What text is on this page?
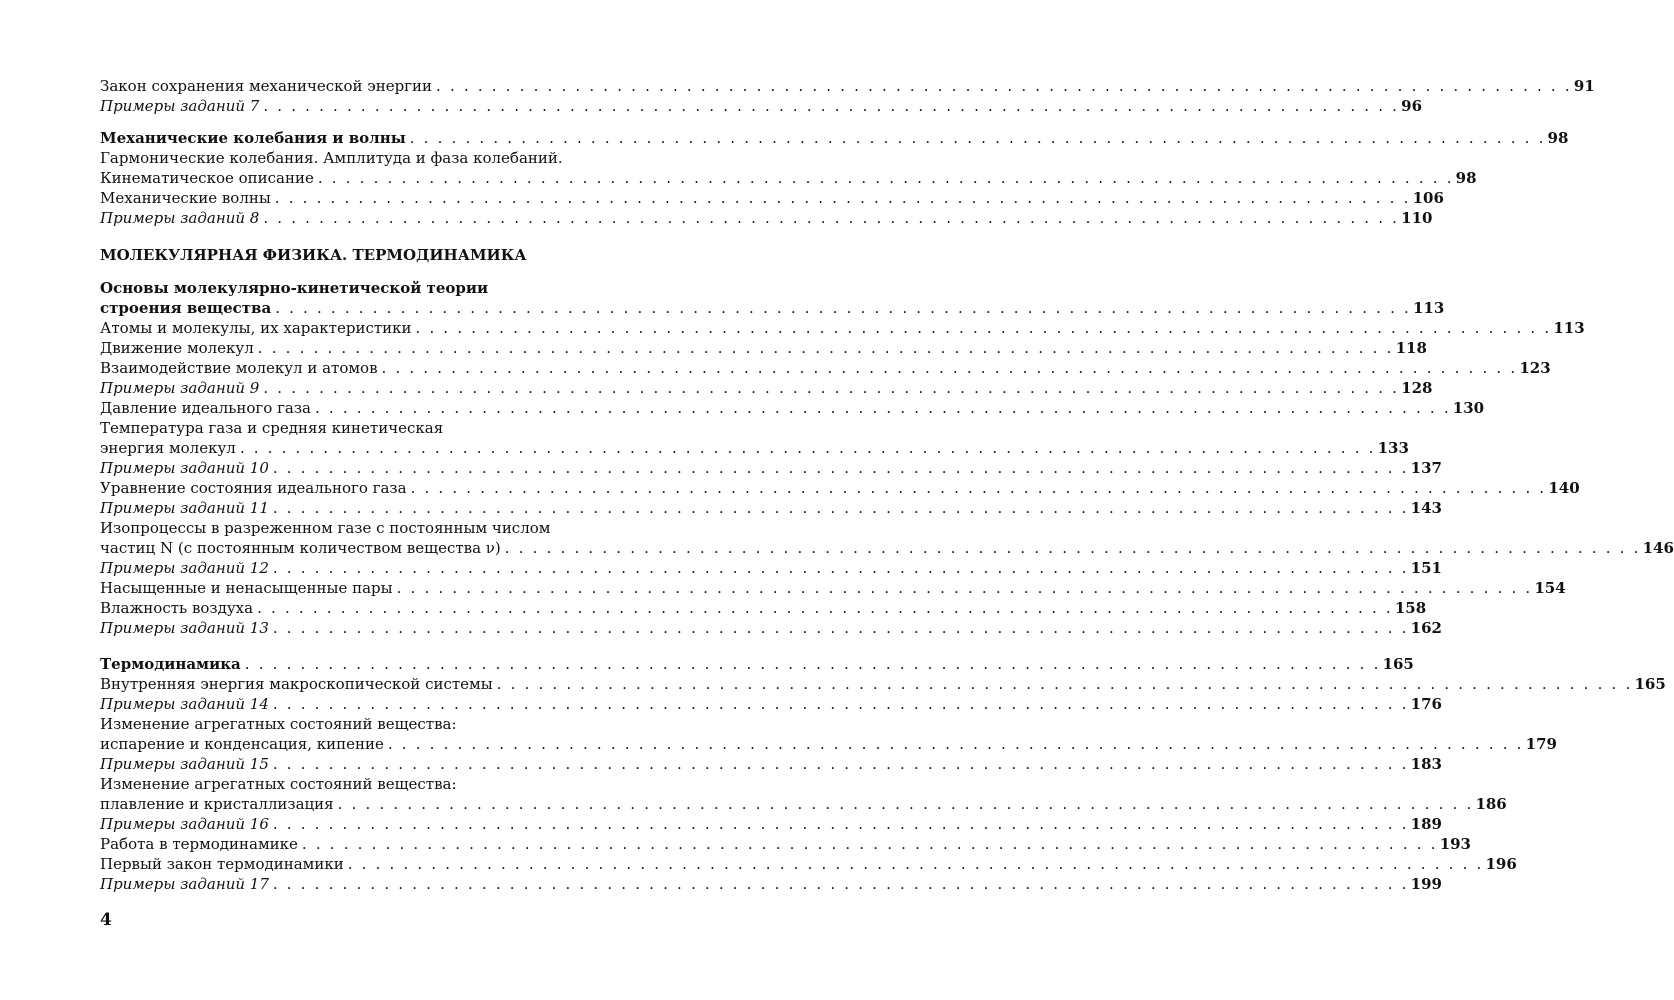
Закон сохранения механической энергии . . .	91
Примеры заданий 7 . . .	96
Механические колебания и волны . . .	98
Гармонические колебания. Амплитуда и фаза колебаний.
Кинематическое описание . . .	98
Механические волны . . .	106
Примеры заданий 8 . . .	110
МОЛЕКУЛЯРНАЯ ФИЗИКА. ТЕРМОДИНАМИКА
Основы молекулярно-кинетической теории
строения вещества . . .	113
Атомы и молекулы, их характеристики . . .	113
Движение молекул . . .	118
Взаимодействие молекул и атомов . . .	123
Примеры заданий 9 . . .	128
Давление идеального газа . . .	130
Температура газа и средняя кинетическая
энергия молекул . . .	133
Примеры заданий 10 . . .	137
Уравнение состояния идеального газа . . .	140
Примеры заданий 11 . . .	143
Изопроцессы в разреженном газе с постоянным числом
частиц N (с постоянным количеством вещества ν) . . .	146
Примеры заданий 12 . . .	151
Насыщенные и ненасыщенные пары . . .	154
Влажность воздуха . . .	158
Примеры заданий 13 . . .	162
Термодинамика . . .	165
Внутренняя энергия макроскопической системы . . .	165
Примеры заданий 14 . . .	176
Изменение агрегатных состояний вещества:
испарение и конденсация, кипение . . .	179
Примеры заданий 15 . . .	183
Изменение агрегатных состояний вещества:
плавление и кристаллизация . . .	186
Примеры заданий 16 . . .	189
Работа в термодинамике . . .	193
Первый закон термодинамики . . .	196
Примеры заданий 17 . . .	199
4
